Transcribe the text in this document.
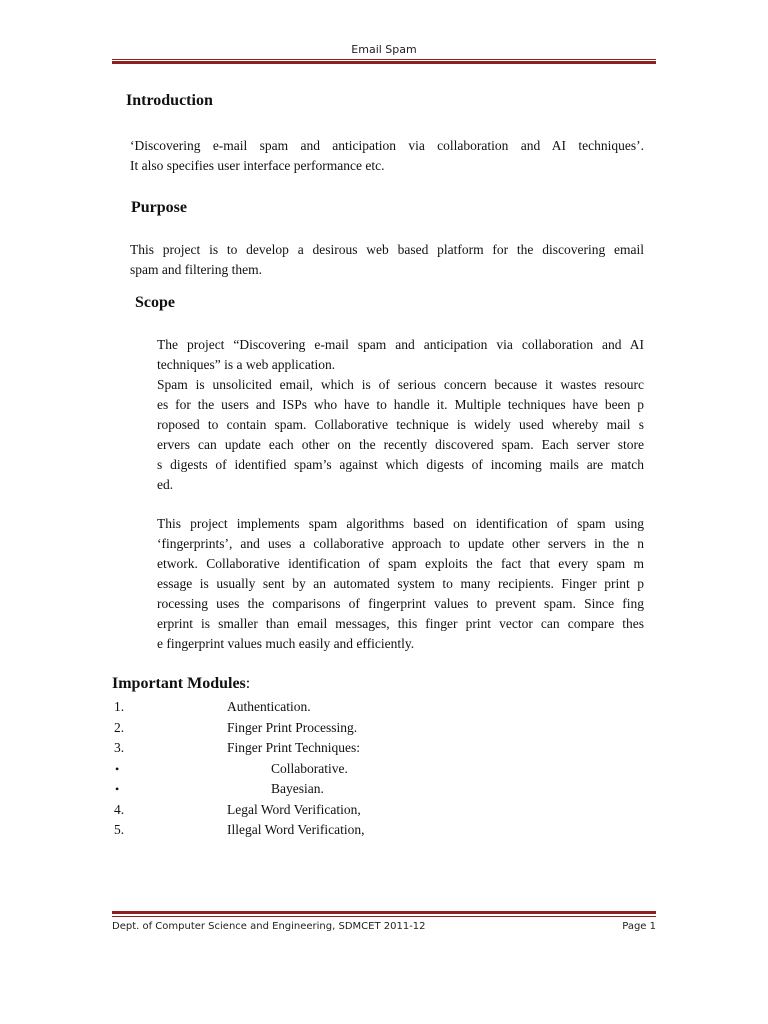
Email Spam
Introduction
‘Discovering e-mail spam and anticipation via collaboration and AI techniques’.
It also specifies user interface performance etc.
Purpose
This project is to develop a desirous web based platform for the discovering email
spam and filtering them.
Scope
The project “Discovering e-mail spam and anticipation via collaboration and AI
techniques” is a web application.
Spam is unsolicited email, which is of serious concern because it wastes resourc
es for the users and ISPs who have to handle it. Multiple techniques have been p
roposed to contain spam. Collaborative technique is widely used whereby mail s
ervers can update each other on the recently discovered spam. Each server store
s digests of identified spam’s against which digests of incoming mails are match
ed.
This project implements spam algorithms based on identification of spam using
‘fingerprints’, and uses a collaborative approach to update other servers in the n
etwork. Collaborative identification of spam exploits the fact that every spam m
essage is usually sent by an automated system to many recipients. Finger print p
rocessing uses the comparisons of fingerprint values to prevent spam. Since fing
erprint is smaller than email messages, this finger print vector can compare thes
e fingerprint values much easily and efficiently.
Important Modules:
1.	Authentication.
2.	Finger Print Processing.
3.	Finger Print Techniques:
•	Collaborative.
•	Bayesian.
4.	Legal Word Verification,
5.	Illegal Word Verification,
Dept. of Computer Science and Engineering, SDMCET 2011-12	Page 1
